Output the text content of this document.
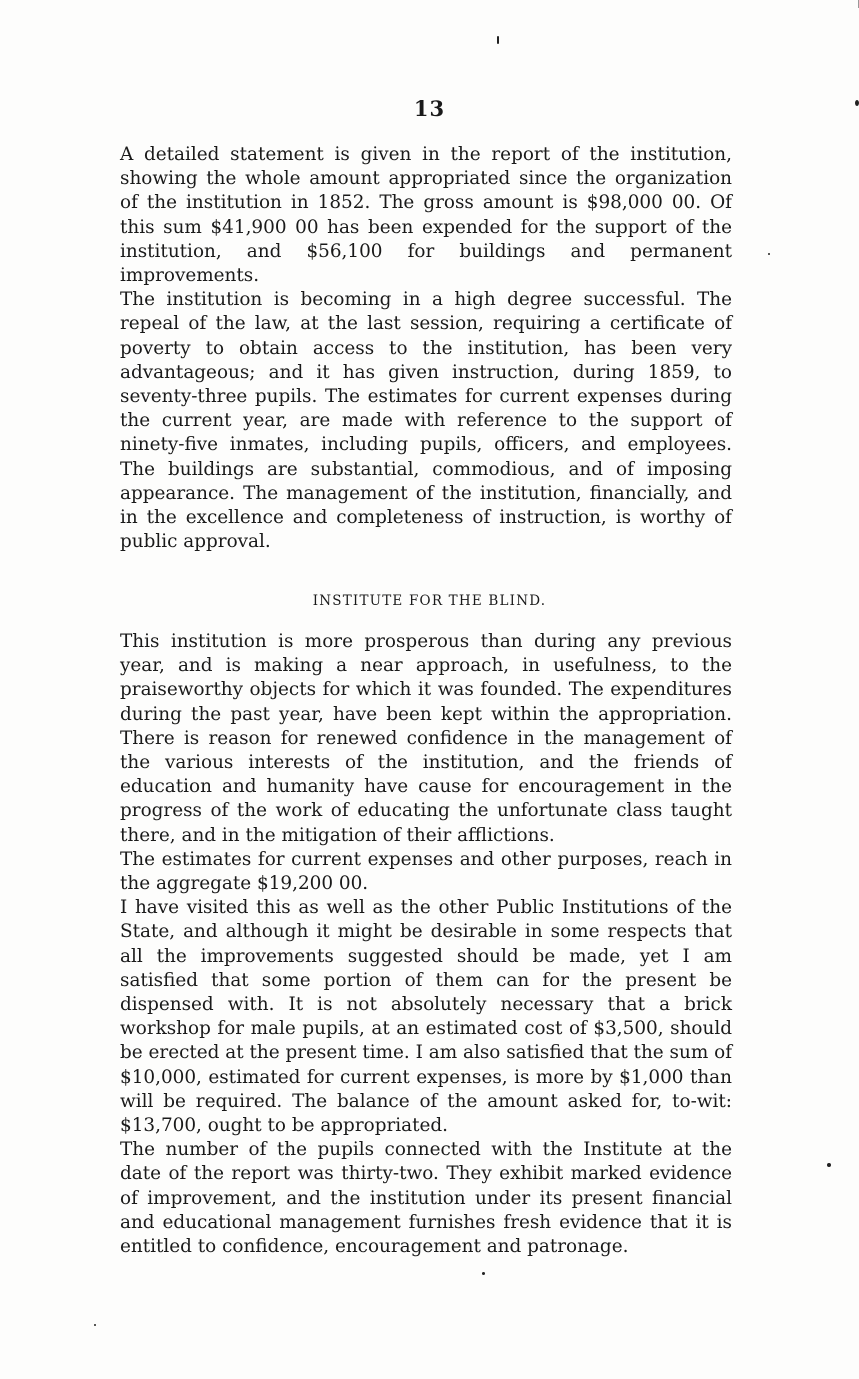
13

A detailed statement is given in the report of the institution, showing the whole amount appropriated since the organization of the institution in 1852. The gross amount is $98,000 00. Of this sum $41,900 00 has been expended for the support of the institution, and $56,100 for buildings and permanent improvements.

The institution is becoming in a high degree successful. The repeal of the law, at the last session, requiring a certificate of poverty to obtain access to the institution, has been very advantageous; and it has given instruction, during 1859, to seventy-three pupils. The estimates for current expenses during the current year, are made with reference to the support of ninety-five inmates, including pupils, officers, and employees. The buildings are substantial, commodious, and of imposing appearance. The management of the institution, financially, and in the excellence and completeness of instruction, is worthy of public approval.

INSTITUTE FOR THE BLIND.

This institution is more prosperous than during any previous year, and is making a near approach, in usefulness, to the praiseworthy objects for which it was founded. The expenditures during the past year, have been kept within the appropriation. There is reason for renewed confidence in the management of the various interests of the institution, and the friends of education and humanity have cause for encouragement in the progress of the work of educating the unfortunate class taught there, and in the mitigation of their afflictions.

The estimates for current expenses and other purposes, reach in the aggregate $19,200 00.

I have visited this as well as the other Public Institutions of the State, and although it might be desirable in some respects that all the improvements suggested should be made, yet I am satisfied that some portion of them can for the present be dispensed with. It is not absolutely necessary that a brick workshop for male pupils, at an estimated cost of $3,500, should be erected at the present time. I am also satisfied that the sum of $10,000, estimated for current expenses, is more by $1,000 than will be required. The balance of the amount asked for, to-wit: $13,700, ought to be appropriated.

The number of the pupils connected with the Institute at the date of the report was thirty-two. They exhibit marked evidence of improvement, and the institution under its present financial and educational management furnishes fresh evidence that it is entitled to confidence, encouragement and patronage.
